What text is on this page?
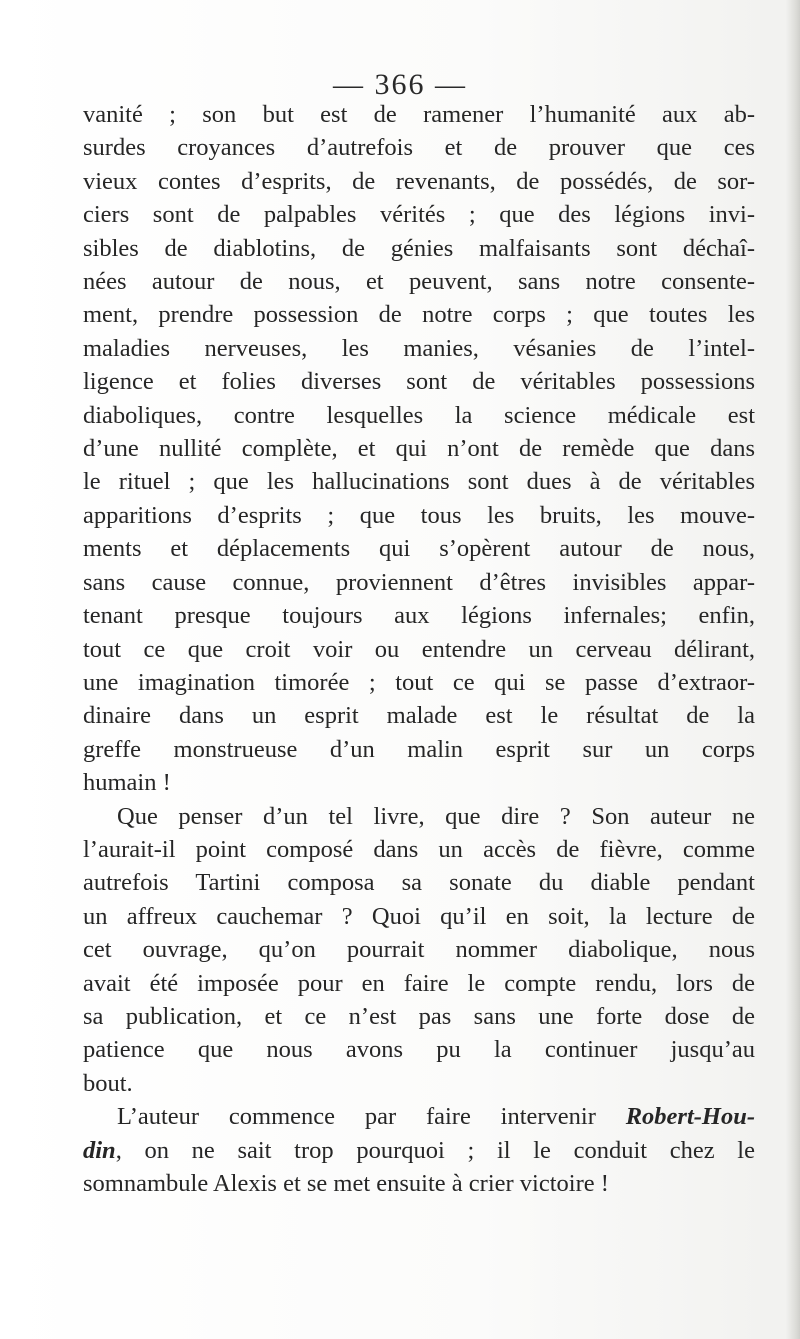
— 366 —
vanité ; son but est de ramener l’humanité aux ab-
surdes croyances d’autrefois et de prouver que ces
vieux contes d’esprits, de revenants, de possédés, de sor-
ciers sont de palpables vérités ; que des légions invi-
sibles de diablotins, de génies malfaisants sont déchaî-
nées autour de nous, et peuvent, sans notre consente-
ment, prendre possession de notre corps ; que toutes les
maladies nerveuses, les manies, vésanies de l’intel-
ligence et folies diverses sont de véritables possessions
diaboliques, contre lesquelles la science médicale est
d’une nullité complète, et qui n’ont de remède que dans
le rituel ; que les hallucinations sont dues à de véritables
apparitions d’esprits ; que tous les bruits, les mouve-
ments et déplacements qui s’opèrent autour de nous,
sans cause connue, proviennent d’êtres invisibles appar-
tenant presque toujours aux légions infernales; enfin,
tout ce que croit voir ou entendre un cerveau délirant,
une imagination timorée ; tout ce qui se passe d’extraor-
dinaire dans un esprit malade est le résultat de la
greffe monstrueuse d’un malin esprit sur un corps
humain !
Que penser d’un tel livre, que dire ? Son auteur ne
l’aurait-il point composé dans un accès de fièvre, comme
autrefois Tartini composa sa sonate du diable pendant
un affreux cauchemar ? Quoi qu’il en soit, la lecture de
cet ouvrage, qu’on pourrait nommer diabolique, nous
avait été imposée pour en faire le compte rendu, lors de
sa publication, et ce n’est pas sans une forte dose de
patience que nous avons pu la continuer jusqu’au
bout.
L’auteur commence par faire intervenir Robert-Hou-
din, on ne sait trop pourquoi ; il le conduit chez le
somnambule Alexis et se met ensuite à crier victoire !
